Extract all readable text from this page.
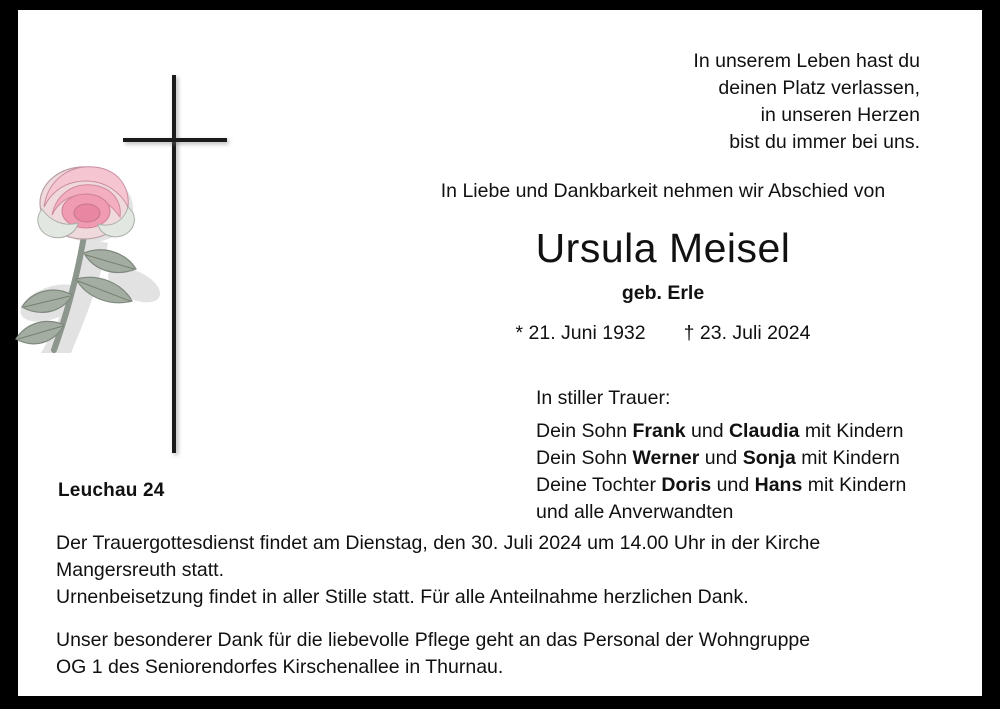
Leuchau 24
In unserem Leben hast du
deinen Platz verlassen,
in unseren Herzen
bist du immer bei uns.
In Liebe und Dankbarkeit nehmen wir Abschied von
Ursula Meisel
geb. Erle
* 21. Juni 1932 † 23. Juli 2024
In stiller Trauer:
Dein Sohn Frank und Claudia mit Kindern
Dein Sohn Werner und Sonja mit Kindern
Deine Tochter Doris und Hans mit Kindern
und alle Anverwandten

Der Trauergottesdienst findet am Dienstag, den 30. Juli 2024 um 14.00 Uhr in der Kirche

Mangersreuth statt.

Urnenbeisetzung findet in aller Stille statt. Für alle Anteilnahme herzlichen Dank.

Unser besonderer Dank für die liebevolle Pflege geht an das Personal der Wohngruppe

OG 1 des Seniorendorfes Kirschenallee in Thurnau.
